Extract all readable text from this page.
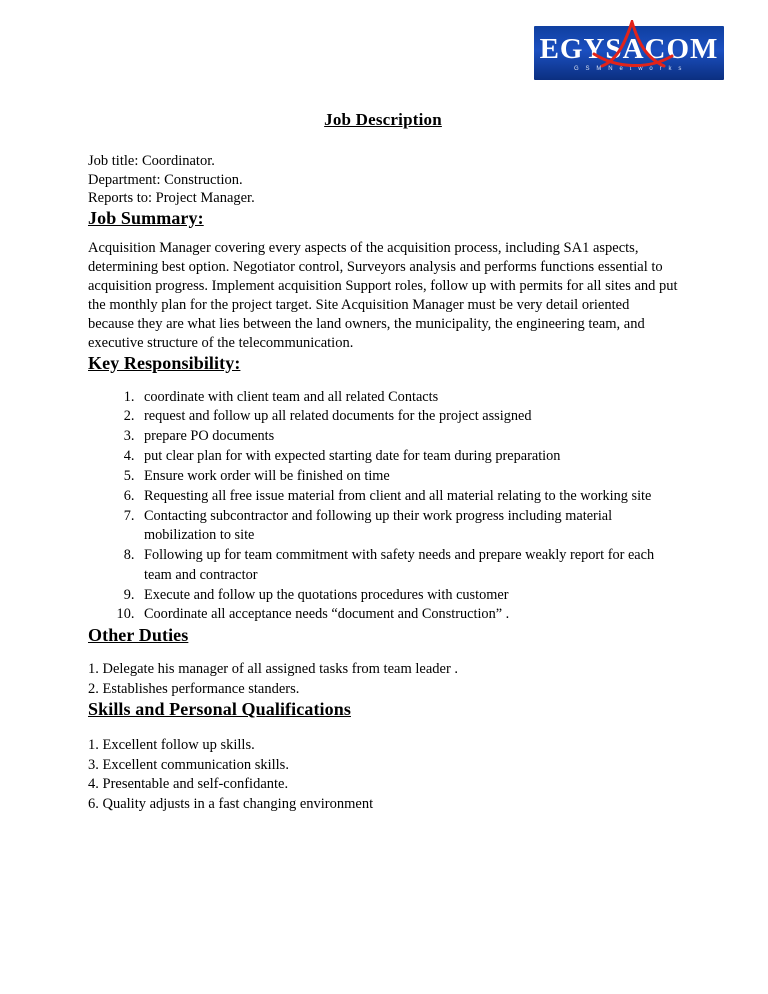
EGYSACOM
G S M N e t w o r k s
Job Description
Job title: Coordinator.
Department: Construction.
Reports to: Project Manager.
Job Summary:

Acquisition Manager covering every aspects of the acquisition process, including SA1 aspects, determining best option. Negotiator control, Surveyors analysis and performs functions essential to acquisition progress. Implement acquisition Support roles, follow up with permits for all sites and put the monthly plan for the project target. Site Acquisition Manager must be very detail oriented because they are what lies between the land owners, the municipality, the engineering team, and executive structure of the telecommunication.

Key Responsibility:
1. coordinate with client team and all related Contacts
2. request and follow up all related documents for the project assigned
3. prepare PO documents
4. put clear plan for with expected starting date for team during preparation
5. Ensure work order will be finished on time
6. Requesting all free issue material from client and all material relating to the working site
7. Contacting subcontractor and following up their work progress including material mobilization to site
8. Following up for team commitment with safety needs and prepare weakly report for each team and contractor
9. Execute and follow up the quotations procedures with customer
10. Coordinate all acceptance needs “document and Construction” .
Other Duties
1. Delegate his manager of all assigned tasks from team leader .
2. Establishes performance standers.
Skills and Personal Qualifications
1. Excellent follow up skills.
3. Excellent communication skills.
4. Presentable and self-confidante.
6. Quality adjusts in a fast changing environment
